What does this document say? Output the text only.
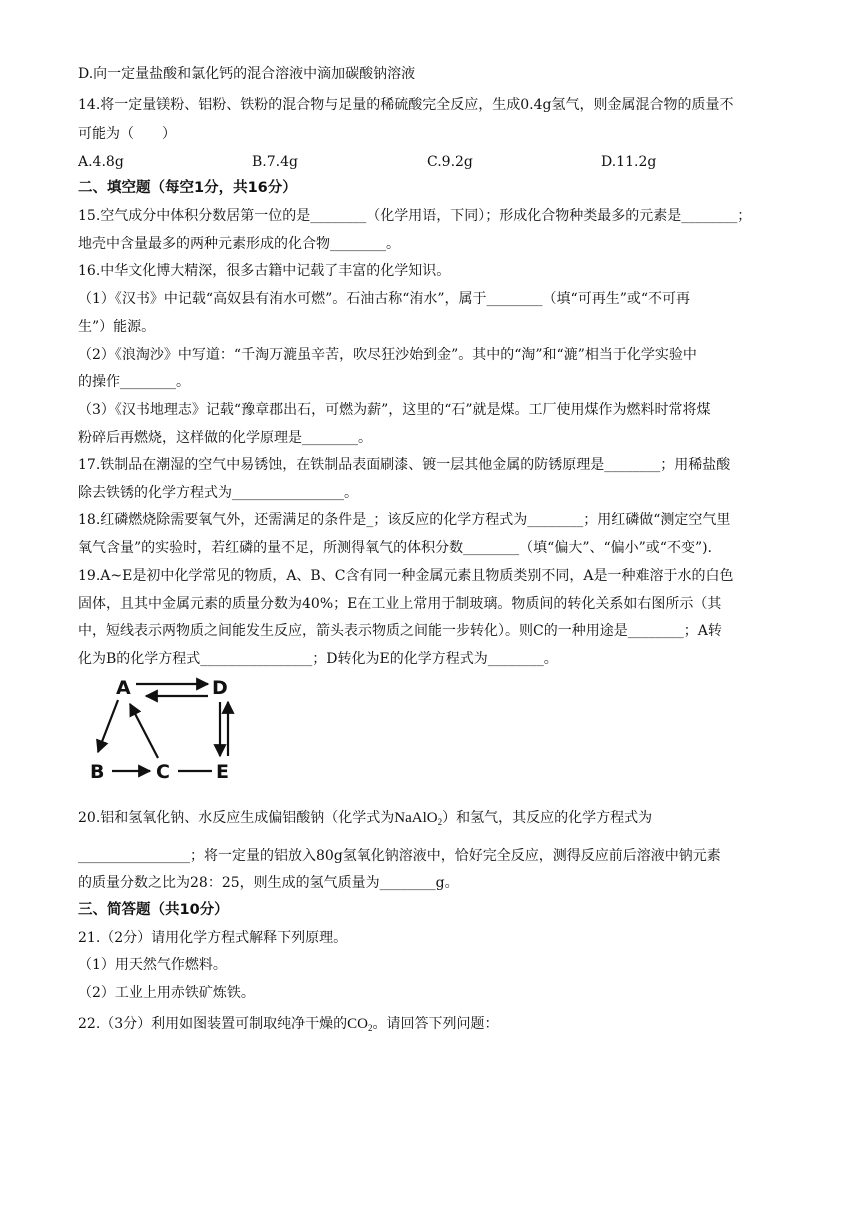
D.向一定量盐酸和氯化钙的混合溶液中滴加碳酸钠溶液
14.将一定量镁粉、铝粉、铁粉的混合物与足量的稀硫酸完全反应，生成0.4g氢气，则金属混合物的质量不
可能为（　　）
A.4.8g	B.7.4g	C.9.2g	D.11.2g
二、填空题（每空1分，共16分）
15.空气成分中体积分数居第一位的是________（化学用语，下同）；形成化合物种类最多的元素是________；
地壳中含量最多的两种元素形成的化合物________。
16.中华文化博大精深，很多古籍中记载了丰富的化学知识。
（1）《汉书》中记载“高奴县有洧水可燃”。石油古称“洧水”，属于________（填“可再生”或“不可再
生”）能源。
（2）《浪淘沙》中写道：“千淘万漉虽辛苦，吹尽狂沙始到金”。其中的“淘”和“漉”相当于化学实验中
的操作________。
（3）《汉书地理志》记载“豫章郡出石，可燃为薪”，这里的“石”就是煤。工厂使用煤作为燃料时常将煤
粉碎后再燃烧，这样做的化学原理是________。
17.铁制品在潮湿的空气中易锈蚀，在铁制品表面刷漆、镀一层其他金属的防锈原理是________；用稀盐酸
除去铁锈的化学方程式为________________。
18.红磷燃烧除需要氧气外，还需满足的条件是_；该反应的化学方程式为________；用红磷做“测定空气里
氧气含量”的实验时，若红磷的量不足，所测得氧气的体积分数________（填“偏大”、“偏小”或“不变”).
19.A~E是初中化学常见的物质，A、B、C含有同一种金属元素且物质类别不同，A是一种难溶于水的白色
固体，且其中金属元素的质量分数为40%；E在工业上常用于制玻璃。物质间的转化关系如右图所示（其
中，短线表示两物质之间能发生反应，箭头表示物质之间能一步转化）。则C的一种用途是________；A转
化为B的化学方程式________________；D转化为E的化学方程式为________。
A	D
B	C E
20.铝和氢氧化钠、水反应生成偏铝酸钠（化学式为NaAlO$_2$）和氢气，其反应的化学方程式为
________________；将一定量的铝放入80g氢氧化钠溶液中，恰好完全反应，测得反应前后溶液中钠元素
的质量分数之比为28：25，则生成的氢气质量为________g。
三、简答题（共10分）
21.（2分）请用化学方程式解释下列原理。
（1）用天然气作燃料。
（2）工业上用赤铁矿炼铁。
22.（3分）利用如图装置可制取纯净干燥的$CO_2$。请回答下列问题：
